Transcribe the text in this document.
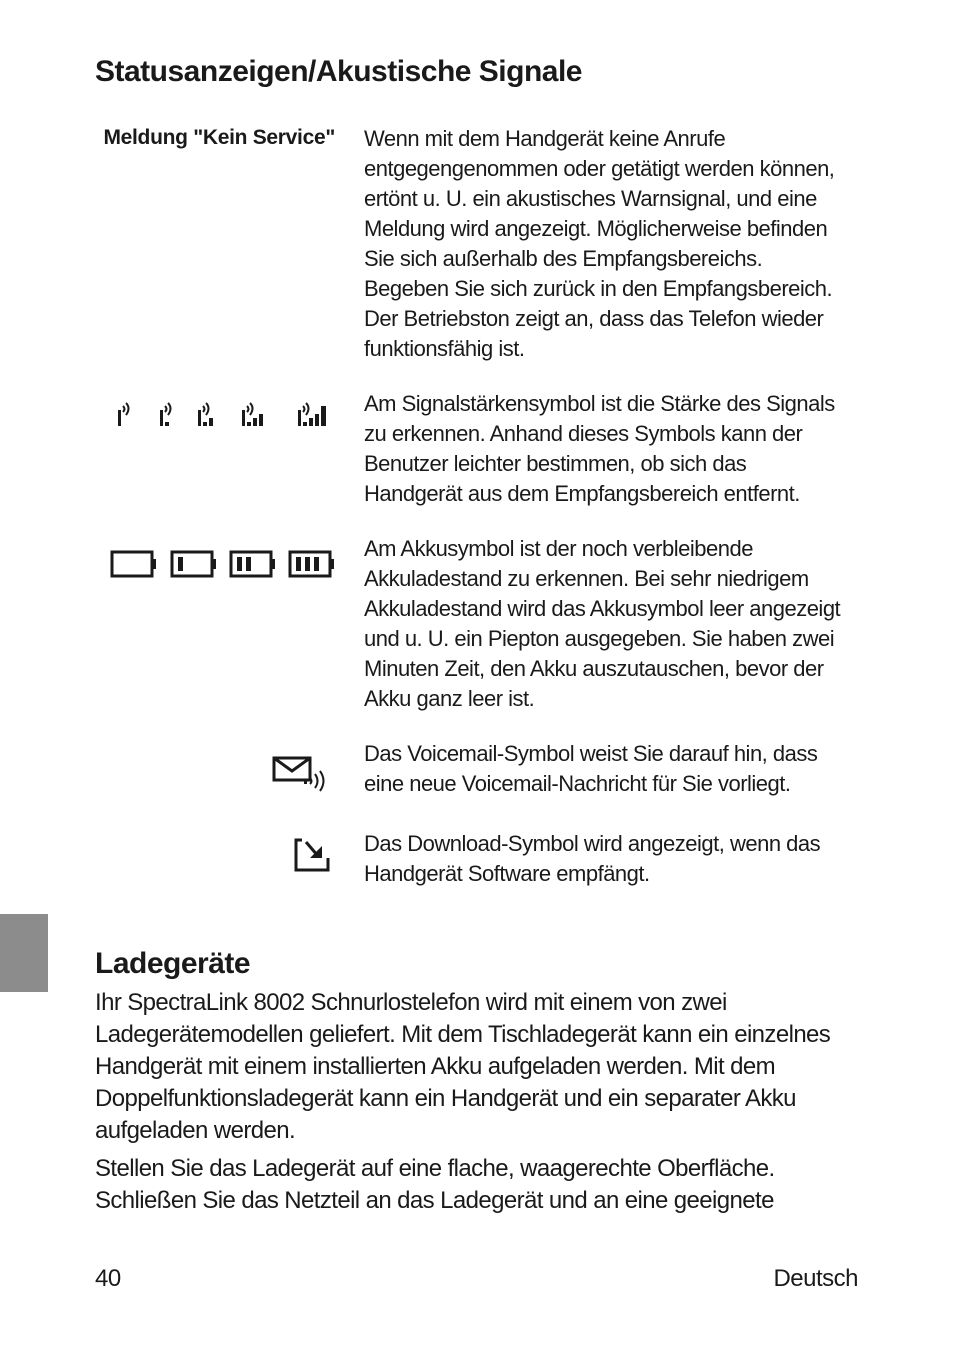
Statusanzeigen/Akustische Signale
Meldung "Kein Service" Wenn mit dem Handgerät keine Anrufe entgegengenommen oder getätigt werden können, ertönt u. U. ein akustisches Warnsignal, und eine Meldung wird angezeigt. Möglicherweise befinden Sie sich außerhalb des Empfangsbereichs. Begeben Sie sich zurück in den Empfangsbereich. Der Betriebston zeigt an, dass das Telefon wieder funktionsfähig ist.

Am Signalstärkensymbol ist die Stärke des Signals zu erkennen. Anhand dieses Symbols kann der Benutzer leichter bestimmen, ob sich das Handgerät aus dem Empfangsbereich entfernt.

Am Akkusymbol ist der noch verbleibende Akkuladestand zu erkennen. Bei sehr niedrigem Akkuladestand wird das Akkusymbol leer angezeigt und u. U. ein Piepton ausgegeben. Sie haben zwei Minuten Zeit, den Akku auszutauschen, bevor der Akku ganz leer ist.

Das Voicemail-Symbol weist Sie darauf hin, dass eine neue Voicemail-Nachricht für Sie vorliegt.

Das Download-Symbol wird angezeigt, wenn das Handgerät Software empfängt.

Ladegeräte

Ihr SpectraLink 8002 Schnurlostelefon wird mit einem von zwei Ladegerätemodellen geliefert. Mit dem Tischladegerät kann ein einzelnes Handgerät mit einem installierten Akku aufgeladen werden. Mit dem Doppelfunktionsladegerät kann ein Handgerät und ein separater Akku aufgeladen werden.

Stellen Sie das Ladegerät auf eine flache, waagerechte Oberfläche. Schließen Sie das Netzteil an das Ladegerät und an eine geeignete

40	Deutsch
